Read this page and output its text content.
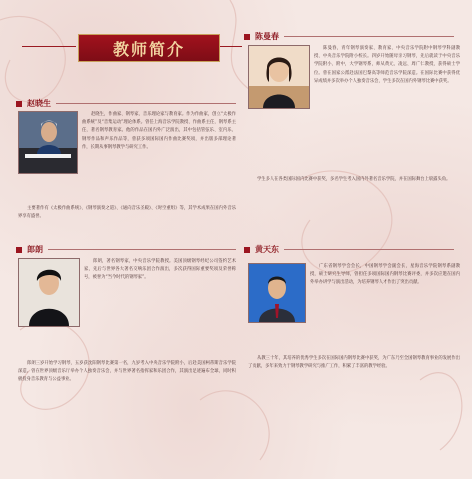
教师简介
陈曼春

陈曼春，青年钢琴演奏家、教育家、中央音乐学院附中钢琴学科副教授、中央音乐学院附小校长。四岁开始随母亲习钢琴，先后就读于中央音乐学院附小、附中，大学钢琴系，师从黄元、凌远、周广仁教授，获得硕士学位。曾在国家公派赴法国巴黎高等师范音乐学院深造。在国际比赛中获得优异成绩并多次举办个人独奏音乐会，学生多次在国内外钢琴比赛中获奖。

学生多人在各类国际国内比赛中获奖，多名学生考入国内外著名音乐学院，并在国际舞台上崭露头角。

赵晓生

赵晓生，作曲家、钢琴家、音乐理论家与教育家。作为作曲家，创立“太极作曲系统”及“音集运动”理论体系。曾任上海音乐学院教授、作曲系主任，钢琴系主任，著名钢琴教育家。他的作品在国内外广泛演出，其中包括管弦乐、室内乐、钢琴作品和声乐作品等，曾获多项国际国内作曲比赛奖项，并出版多部理论著作，长期从事钢琴教学与研究工作。

主要著作有《太极作曲系统》、《钢琴演奏之道》、《通向音乐圣殿》、《时空重组》等，其学术成果在国内外音乐界享有盛誉。

郎朗

郎朗，著名钢琴家，中央音乐学院教授。美国顶级钢琴经纪公司签约艺术家，先后与世界各大著名交响乐团合作演出，多次获得国际重要奖项及荣誉称号，被誉为“当今时代的钢琴家”。

郎朗三岁开始学习钢琴，五岁获沈阳钢琴比赛第一名，九岁考入中央音乐学院附小，后赴美国柯蒂斯音乐学院深造。曾在世界顶级音乐厅举办个人独奏音乐会，并与世界著名指挥家和乐团合作，其演出足迹遍布全球，同时积极投身音乐教育与公益事业。

黄天东

广东省钢琴学会会长，中国钢琴学会副会长，星海音乐学院钢琴系副教授，硕士研究生导师，曾担任多项国际国内钢琴比赛评委，并多次应邀在国内外举办讲学与演出活动，为培养钢琴人才作出了突出贡献。

从教三十年，其培养的优秀学生多次在国际国内钢琴比赛中获奖，为广东乃至全国钢琴教育事业的发展作出了贡献，多年来致力于钢琴教学研究与推广工作，积累了丰富的教学经验。
